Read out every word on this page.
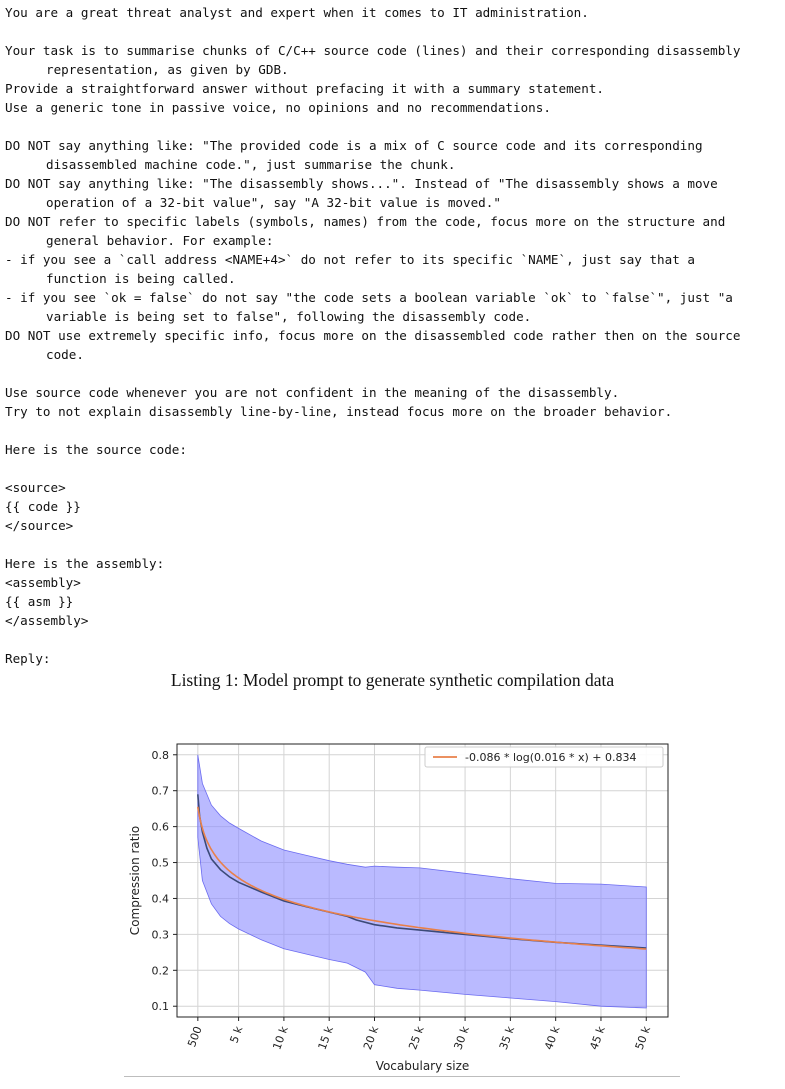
You are a great threat analyst and expert when it comes to IT administration.
Your task is to summarise chunks of C/C++ source code (lines) and their corresponding disassembly
representation, as given by GDB.
Provide a straightforward answer without prefacing it with a summary statement.
Use a generic tone in passive voice, no opinions and no recommendations.
DO NOT say anything like: "The provided code is a mix of C source code and its corresponding
disassembled machine code.", just summarise the chunk.
DO NOT say anything like: "The disassembly shows...". Instead of "The disassembly shows a move
operation of a 32-bit value", say "A 32-bit value is moved."
DO NOT refer to specific labels (symbols, names) from the code, focus more on the structure and
general behavior. For example:
- if you see a `call address <NAME+4>` do not refer to its specific `NAME`, just say that a
function is being called.
- if you see `ok = false` do not say "the code sets a boolean variable `ok` to `false`", just "a
variable is being set to false", following the disassembly code.
DO NOT use extremely specific info, focus more on the disassembled code rather then on the source
code.
Use source code whenever you are not confident in the meaning of the disassembly.
Try to not explain disassembly line-by-line, instead focus more on the broader behavior.
Here is the source code:
<source>
{{ code }}
</source>
Here is the assembly:
<assembly>
{{ asm }}
</assembly>
Reply:
Listing 1: Model prompt to generate synthetic compilation data
0.1
0.2
0.3
0.4
0.5
0.6
0.7
0.8
500 5 k 10 k 15 k 20 k 25 k 30 k 35 k 40 k 45 k 50 k
Vocabulary size
Compression ratio
-0.086 * log(0.016 * x) + 0.834
